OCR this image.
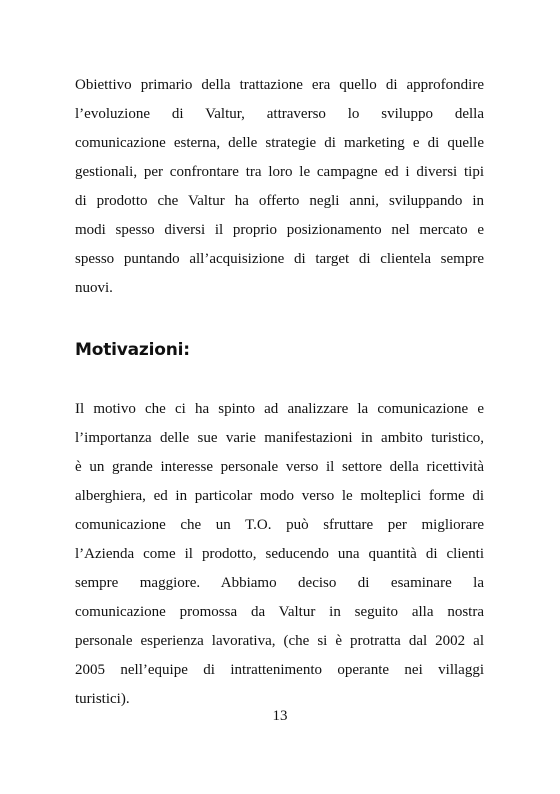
Obiettivo primario della trattazione era quello di approfondire
l’evoluzione di Valtur, attraverso lo sviluppo della
comunicazione esterna, delle strategie di marketing e di quelle
gestionali, per confrontare tra loro le campagne ed i diversi tipi
di prodotto che Valtur ha offerto negli anni, sviluppando in
modi spesso diversi il proprio posizionamento nel mercato e
spesso puntando all’acquisizione di target di clientela sempre
nuovi.
Motivazioni:
Il motivo che ci ha spinto ad analizzare la comunicazione e
l’importanza delle sue varie manifestazioni in ambito turistico,
è un grande interesse personale verso il settore della ricettività
alberghiera, ed in particolar modo verso le molteplici forme di
comunicazione che un T.O. può sfruttare per migliorare
l’Azienda come il prodotto, seducendo una quantità di clienti
sempre maggiore. Abbiamo deciso di esaminare la
comunicazione promossa da Valtur in seguito alla nostra
personale esperienza lavorativa, (che si è protratta dal 2002 al
2005 nell’equipe di intrattenimento operante nei villaggi
turistici).
13
